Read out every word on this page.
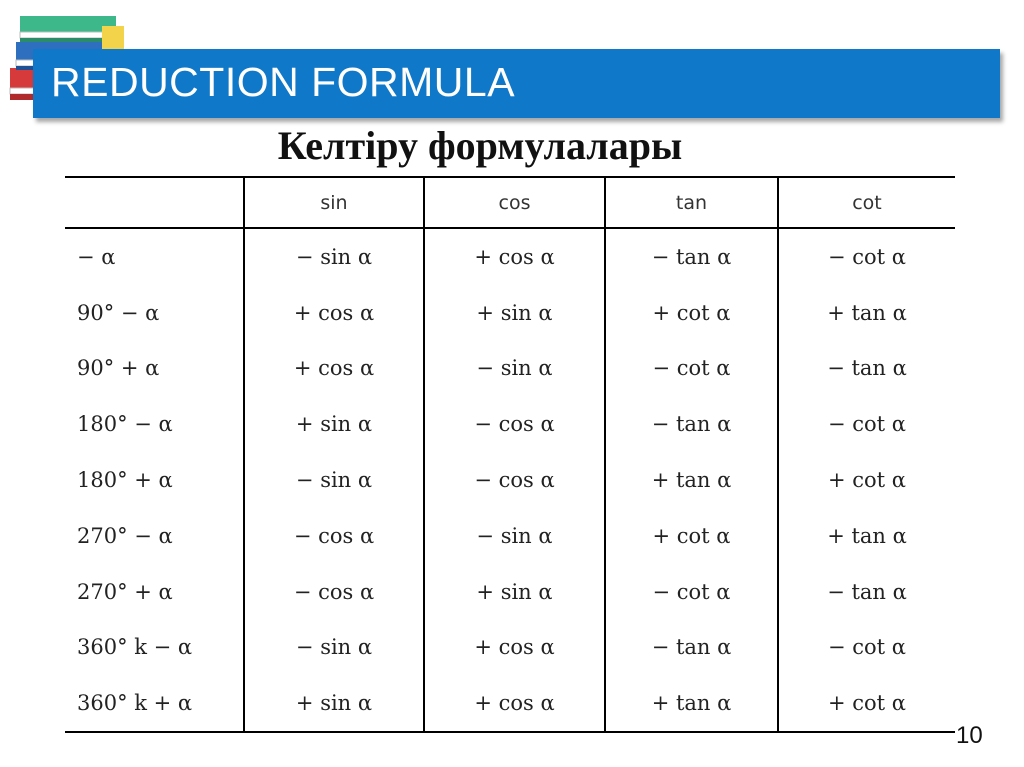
REDUCTION FORMULA
Келтіру формулалары
	sin	cos	tan	cot
− α	− sin α	+ cos α	− tan α	− cot α
90° − α	+ cos α	+ sin α	+ cot α	+ tan α
90° + α	+ cos α	− sin α	− cot α	− tan α
180° − α	+ sin α	− cos α	− tan α	− cot α
180° + α	− sin α	− cos α	+ tan α	+ cot α
270° − α	− cos α	− sin α	+ cot α	+ tan α
270° + α	− cos α	+ sin α	− cot α	− tan α
360° k − α	− sin α	+ cos α	− tan α	− cot α
360° k + α	+ sin α	+ cos α	+ tan α	+ cot α
10
